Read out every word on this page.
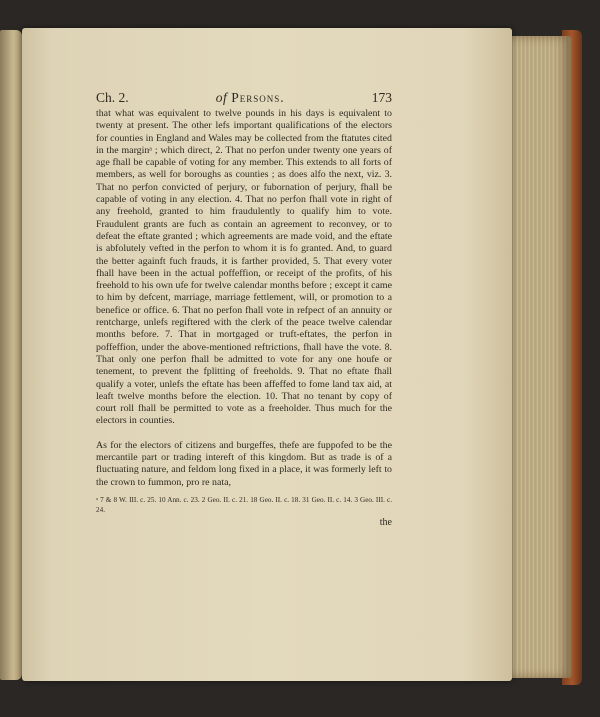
Ch. 2.	of Persons.	173

that what was equivalent to twelve pounds in his days is equivalent to twenty at present. The other lefs important qualifications of the electors for counties in England and Wales may be collected from the ftatutes cited in the marginᵃ ; which direct, 2. That no perfon under twenty one years of age fhall be capable of voting for any member. This extends to all forts of members, as well for boroughs as counties ; as does alfo the next, viz. 3. That no perfon convicted of perjury, or fubornation of perjury, fhall be capable of voting in any election. 4. That no perfon fhall vote in right of any freehold, granted to him fraudulently to qualify him to vote. Fraudulent grants are fuch as contain an agreement to reconvey, or to defeat the eftate granted ; which agreements are made void, and the eftate is abfolutely vefted in the perfon to whom it is fo granted. And, to guard the better againft fuch frauds, it is farther provided, 5. That every voter fhall have been in the actual poffeffion, or receipt of the profits, of his freehold to his own ufe for twelve calendar months before ; except it came to him by defcent, marriage, marriage fettlement, will, or promotion to a benefice or office. 6. That no perfon fhall vote in refpect of an annuity or rentcharge, unlefs regiftered with the clerk of the peace twelve calendar months before. 7. That in mortgaged or truft-eftates, the perfon in poffeffion, under the above-mentioned reftrictions, fhall have the vote. 8. That only one perfon fhall be admitted to vote for any one houfe or tenement, to prevent the fplitting of freeholds. 9. That no eftate fhall qualify a voter, unlefs the eftate has been affeffed to fome land tax aid, at leaft twelve months before the election. 10. That no tenant by copy of court roll fhall be permitted to vote as a freeholder. Thus much for the electors in counties.

As for the electors of citizens and burgeffes, thefe are fuppofed to be the mercantile part or trading intereft of this kingdom. But as trade is of a fluctuating nature, and feldom long fixed in a place, it was formerly left to the crown to fummon, pro re nata,

ᵃ 7 & 8 W. III. c. 25. 10 Ann. c. 23. 2 Geo. II. c. 21. 18 Geo. II. c. 18. 31 Geo. II. c. 14. 3 Geo. III. c. 24.
the
